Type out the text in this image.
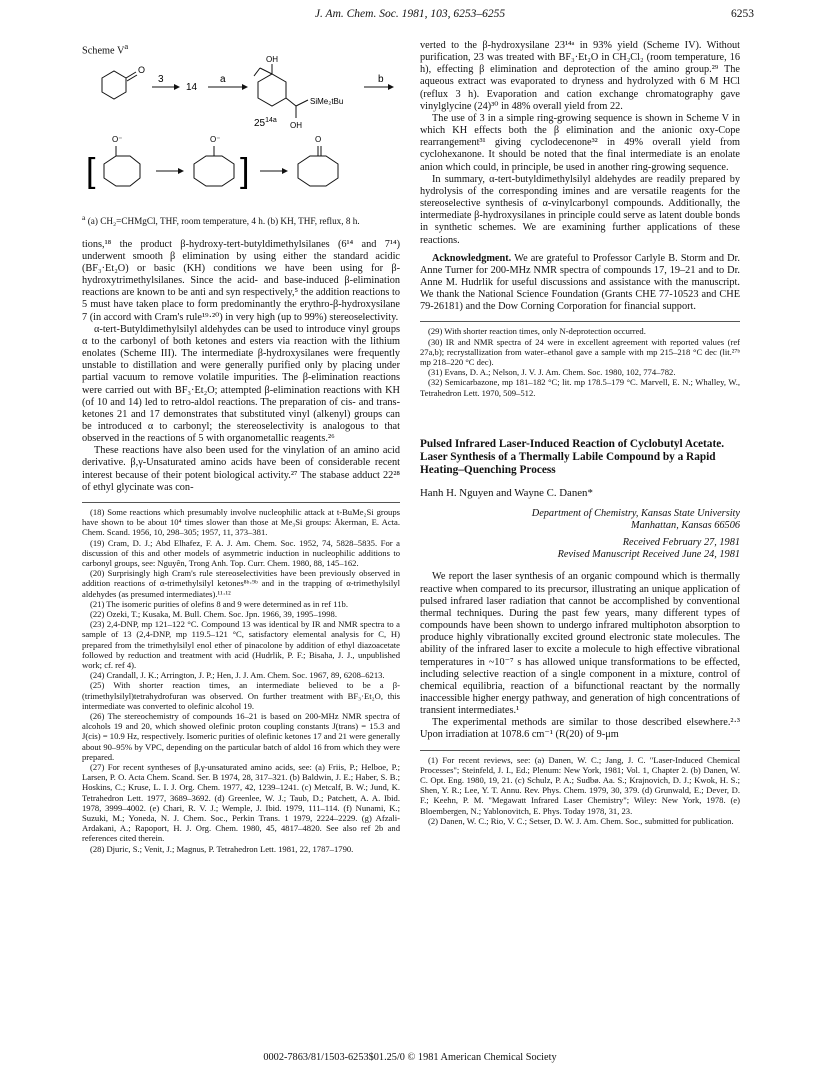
J. Am. Chem. Soc. 1981, 103, 6253–6255	6253
Scheme $V^a$
O
3
14
a
OH
SiMe₂tBu
OH
$25^{14a}$
b
[
O⁻	O⁻
]
O
$^a$ (a) CH₂=CHMgCl, THF, room temperature, 4 h. (b) KH, THF, reflux, 8 h.

tions,¹⁸ the product β-hydroxy-tert-butyldimethylsilanes (6¹⁴ and 7¹⁴) underwent smooth β elimination by using either the standard acidic (BF₃·Et₂O) or basic (KH) conditions we have been using for β-hydroxytrimethylsilanes. Since the acid- and base-induced β-elimination reactions are known to be anti and syn respectively,⁵ the addition reactions to 5 must have taken place to form predominantly the erythro-β-hydroxysilane 7 (in accord with Cram's rule¹⁹·²⁰) in very high (up to 99%) stereoselectivity.

α-tert-Butyldimethylsilyl aldehydes can be used to introduce vinyl groups α to the carbonyl of both ketones and esters via reaction with the lithium enolates (Scheme III). The intermediate β-hydroxysilanes were frequently unstable to distillation and were generally purified only by placing under partial vacuum to remove volatile impurities. The β-elimination reactions were carried out with BF₃·Et₂O; attempted β-elimination reactions with KH (of 10 and 14) led to retro-aldol reactions. The preparation of cis- and trans-ketones 21 and 17 demonstrates that substituted vinyl (alkenyl) groups can be introduced α to carbonyl; the stereoselectivity is analogous to that observed in the reactions of 5 with organometallic reagents.²⁶

These reactions have also been used for the vinylation of an amino acid derivative. β,γ-Unsaturated amino acids have been of considerable recent interest because of their potent biological activity.²⁷ The stabase adduct 22²⁸ of ethyl glycinate was con-

(18) Some reactions which presumably involve nucleophilic attack at t-BuMe₂Si groups have shown to be about 10⁴ times slower than those at Me₃Si groups: Åkerman, E. Acta. Chem. Scand. 1956, 10, 298–305; 1957, 11, 373–381.

(19) Cram, D. J.; Abd Elhafez, F. A. J. Am. Chem. Soc. 1952, 74, 5828–5835. For a discussion of this and other models of asymmetric induction in nucleophilic additions to carbonyl groups, see: Nguyên, Trong Anh. Top. Curr. Chem. 1980, 88, 145–162.

(20) Surprisingly high Cram's rule stereoselectivities have been previously observed in addition reactions of α-trimethylsilyl ketones⁸ᵇ·⁹ᵇ and in the trapping of α-trimethylsilyl aldehydes (as presumed intermediates).¹¹·¹²

(21) The isomeric purities of olefins 8 and 9 were determined as in ref 11b.

(22) Ozeki, T.; Kusaka, M. Bull. Chem. Soc. Jpn. 1966, 39, 1995–1998.

(23) 2,4-DNP, mp 121–122 °C. Compound 13 was identical by IR and NMR spectra to a sample of 13 (2,4-DNP, mp 119.5–121 °C, satisfactory elemental analysis for C, H) prepared from the trimethylsilyl enol ether of pinacolone by addition of ethyl diazoacetate followed by reduction and treatment with acid (Hudrlik, P. F.; Bisaha, J. J., unpublished work; cf. ref 4).

(24) Crandall, J. K.; Arrington, J. P.; Hen, J. J. Am. Chem. Soc. 1967, 89, 6208–6213.

(25) With shorter reaction times, an intermediate believed to be a β-(trimethylsilyl)tetrahydrofuran was observed. On further treatment with BF₃·Et₂O, this intermediate was converted to olefinic alcohol 19.

(26) The stereochemistry of compounds 16–21 is based on 200-MHz NMR spectra of alcohols 19 and 20, which showed olefinic proton coupling constants J(trans) = 15.3 and J(cis) = 10.9 Hz, respectively. Isomeric purities of olefinic ketones 17 and 21 were generally about 90–95% by VPC, depending on the particular batch of aldol 16 from which they were prepared.

(27) For recent syntheses of β,γ-unsaturated amino acids, see: (a) Friis, P.; Helboe, P.; Larsen, P. O. Acta Chem. Scand. Ser. B 1974, 28, 317–321. (b) Baldwin, J. E.; Haber, S. B.; Hoskins, C.; Kruse, L. I. J. Org. Chem. 1977, 42, 1239–1241. (c) Metcalf, B. W.; Jund, K. Tetrahedron Lett. 1977, 3689–3692. (d) Greenlee, W. J.; Taub, D.; Patchett, A. A. Ibid. 1978, 3999–4002. (e) Chari, R. V. J.; Wemple, J. Ibid. 1979, 111–114. (f) Nunami, K.; Suzuki, M.; Yoneda, N. J. Chem. Soc., Perkin Trans. 1 1979, 2224–2229. (g) Afzali-Ardakani, A.; Rapoport, H. J. Org. Chem. 1980, 45, 4817–4820. See also ref 2b and references cited therein.

(28) Djuric, S.; Venit, J.; Magnus, P. Tetrahedron Lett. 1981, 22, 1787–1790.

verted to the β-hydroxysilane 23¹⁴ᵃ in 93% yield (Scheme IV). Without purification, 23 was treated with BF₃·Et₂O in CH₂Cl₂ (room temperature, 16 h), effecting β elimination and deprotection of the amino group.²⁹ The aqueous extract was evaporated to dryness and hydrolyzed with 6 M HCl (reflux 3 h). Evaporation and cation exchange chromatography gave vinylglycine (24)³⁰ in 48% overall yield from 22.

The use of 3 in a simple ring-growing sequence is shown in Scheme V in which KH effects both the β elimination and the anionic oxy-Cope rearrangement³¹ giving cyclodecenone³² in 49% overall yield from cyclohexanone. It should be noted that the final intermediate is an enolate anion which could, in principle, be used in another ring-growing sequence.

In summary, α-tert-butyldimethylsilyl aldehydes are readily prepared by hydrolysis of the corresponding imines and are versatile reagents for the stereoselective synthesis of α-vinylcarbonyl compounds. Additionally, the intermediate β-hydroxysilanes in principle could serve as latent double bonds in synthetic schemes. We are examining further applications of these reactions.

Acknowledgment. We are grateful to Professor Carlyle B. Storm and Dr. Anne Turner for 200-MHz NMR spectra of compounds 17, 19–21 and to Dr. Anne M. Hudrlik for useful discussions and assistance with the manuscript. We thank the National Science Foundation (Grants CHE 77-10523 and CHE 79-26181) and the Dow Corning Corporation for financial support.

(29) With shorter reaction times, only N-deprotection occurred.

(30) IR and NMR spectra of 24 were in excellent agreement with reported values (ref 27a,b); recrystallization from water–ethanol gave a sample with mp 215–218 °C dec (lit.²⁷ᵇ mp 218–220 °C dec).

(31) Evans, D. A.; Nelson, J. V. J. Am. Chem. Soc. 1980, 102, 774–782.

(32) Semicarbazone, mp 181–182 °C; lit. mp 178.5–179 °C. Marvell, E. N.; Whalley, W., Tetrahedron Lett. 1970, 509–512.

Pulsed Infrared Laser-Induced Reaction of Cyclobutyl Acetate. Laser Synthesis of a Thermally Labile Compound by a Rapid Heating–Quenching Process
Hanh H. Nguyen and Wayne C. Danen*
Department of Chemistry, Kansas State University
Manhattan, Kansas 66506
Received February 27, 1981
Revised Manuscript Received June 24, 1981

We report the laser synthesis of an organic compound which is thermally reactive when compared to its precursor, illustrating an unique application of pulsed infrared laser radiation that cannot be accomplished by conventional thermal techniques. During the past few years, many different types of compounds have been shown to undergo infrared multiphoton absorption to produce highly vibrationally excited ground electronic state molecules. The ability of the infrared laser to excite a molecule to high effective vibrational temperatures in ~10⁻⁷ s has allowed unique transformations to be effected, including selective reaction of a single component in a mixture, control of chemical equilibria, reaction of a bifunctional reactant by the normally inaccessible higher energy pathway, and generation of high concentrations of transient intermediates.¹

The experimental methods are similar to those described elsewhere.²·³ Upon irradiation at 1078.6 cm⁻¹ (R(20) of 9-μm

(1) For recent reviews, see: (a) Danen, W. C.; Jang, J. C. "Laser-Induced Chemical Processes"; Steinfeld, J. I., Ed.; Plenum: New York, 1981; Vol. 1, Chapter 2. (b) Danen, W. C. Opt. Eng. 1980, 19, 21. (c) Schulz, P. A.; Sudbø. Aa. S.; Krajnovich, D. J.; Kwok, H. S.; Shen, Y. R.; Lee, Y. T. Annu. Rev. Phys. Chem. 1979, 30, 379. (d) Grunwald, E.; Dever, D. F.; Keehn, P. M. "Megawatt Infrared Laser Chemistry"; Wiley: New York, 1978. (e) Bloembergen, N.; Yablonovitch, E. Phys. Today 1978, 31, 23.

(2) Danen, W. C.; Rio, V. C.; Setser, D. W. J. Am. Chem. Soc., submitted for publication.

0002-7863/81/1503-6253$01.25/0 © 1981 American Chemical Society
